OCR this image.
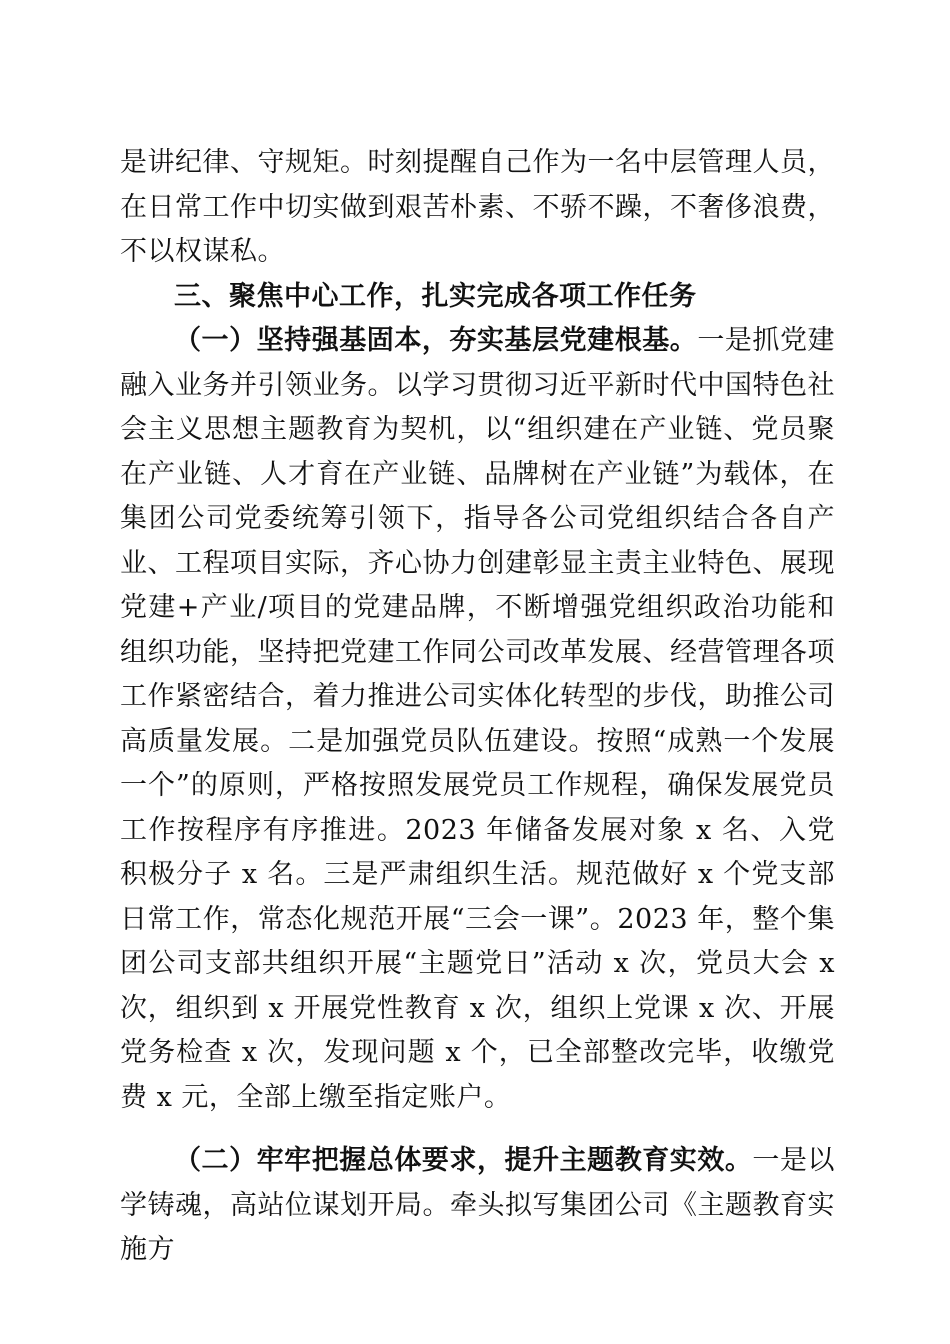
是讲纪律、守规矩。时刻提醒自己作为一名中层管理人员，在日常工作中切实做到艰苦朴素、不骄不躁，不奢侈浪费，不以权谋私。

三、聚焦中心工作，扎实完成各项工作任务

（一）坚持强基固本，夯实基层党建根基。一是抓党建融入业务并引领业务。以学习贯彻习近平新时代中国特色社会主义思想主题教育为契机，以“组织建在产业链、党员聚在产业链、人才育在产业链、品牌树在产业链”为载体，在集团公司党委统筹引领下，指导各公司党组织结合各自产业、工程项目实际，齐心协力创建彰显主责主业特色、展现党建+产业/项目的党建品牌，不断增强党组织政治功能和组织功能，坚持把党建工作同公司改革发展、经营管理各项工作紧密结合，着力推进公司实体化转型的步伐，助推公司高质量发展。二是加强党员队伍建设。按照“成熟一个发展一个”的原则，严格按照发展党员工作规程，确保发展党员工作按程序有序推进。2023 年储备发展对象 x 名、入党积极分子 x 名。三是严肃组织生活。规范做好 x 个党支部日常工作，常态化规范开展“三会一课”。2023 年，整个集团公司支部共组织开展“主题党日”活动 x 次，党员大会 x 次，组织到 x 开展党性教育 x 次，组织上党课 x 次、开展党务检查 x 次，发现问题 x 个，已全部整改完毕，收缴党费 x 元，全部上缴至指定账户。

（二）牢牢把握总体要求，提升主题教育实效。一是以学铸魂，高站位谋划开局。牵头拟写集团公司《主题教育实施方
